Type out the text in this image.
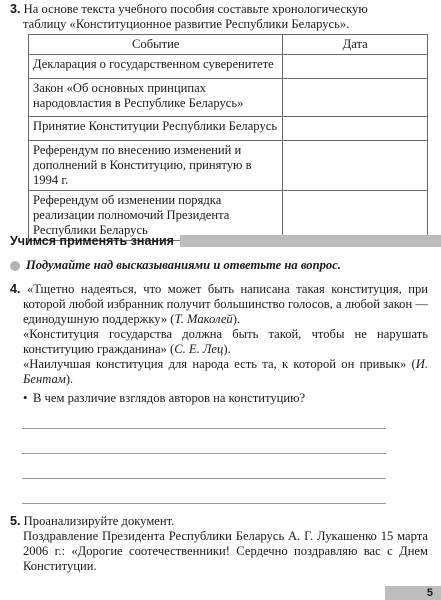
3. На основе текста учебного пособия составьте хронологическую
таблицу «Конституционное развитие Республики Беларусь».
Событие	Дата
Декларация о государственном суверенитете	
Закон «Об основных принципах народовластия в Республике Беларусь»	
Принятие Конституции Республики Беларусь	
Референдум по внесению изменений и дополнений в Конституцию, принятую в 1994 г.	
Референдум об изменении порядка реализации полномочий Президента Республики Беларусь	
Учимся применять знания
Подумайте над высказываниями и ответьте на вопрос.

4. «Тщетно надеяться, что может быть написана такая конституция, при которой любой избранник получит большинство голосов, а любой закон — единодушную поддержку» (Т. Маколей).

«Конституция государства должна быть такой, чтобы не нарушать конституцию гражданина» (С. Е. Лец).

«Наилучшая конституция для народа есть та, к которой он привык» (И. Бентам).

• В чем различие взглядов авторов на конституцию?
5. Проанализируйте документ.
Поздравление Президента Республики Беларусь А. Г. Лукашенко 15 марта 2006 г.: «Дорогие соотечественники! Сердечно поздравляю вас с Днем Конституции.
5
